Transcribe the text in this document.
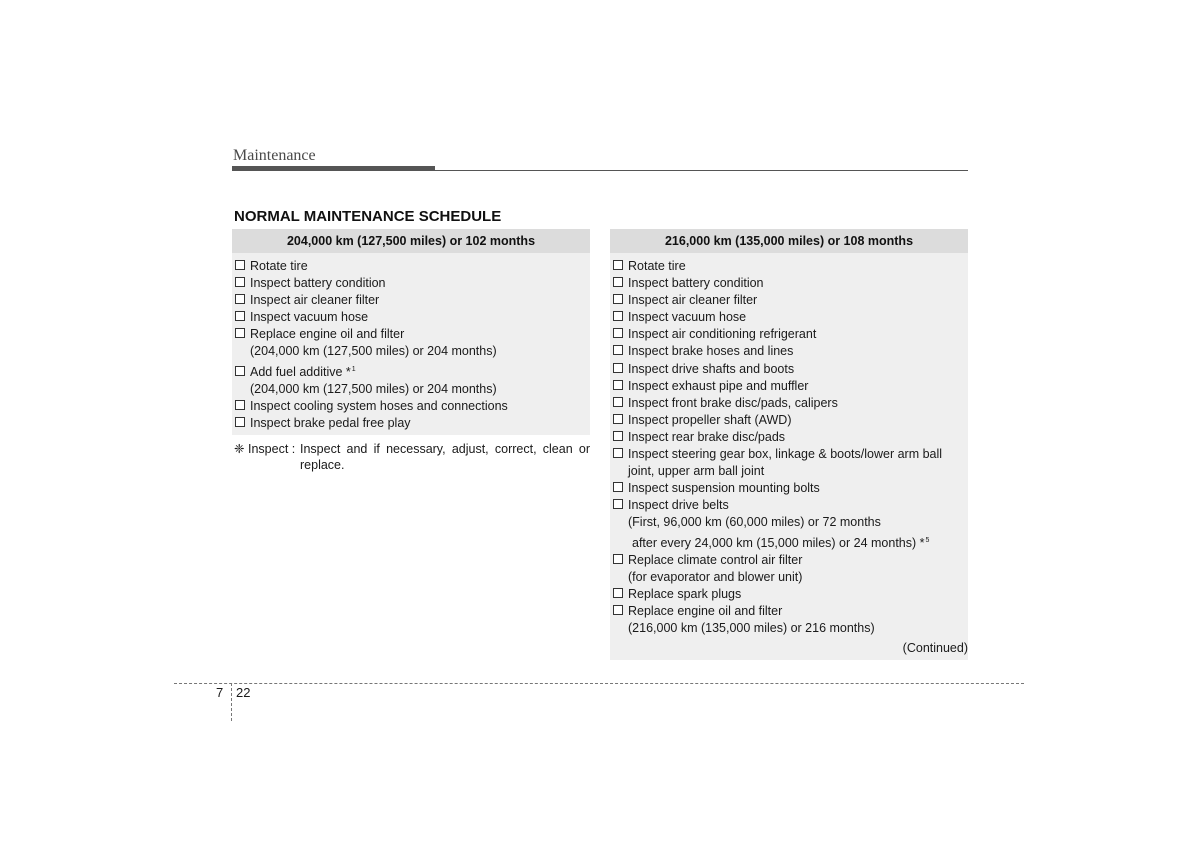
Maintenance
NORMAL MAINTENANCE SCHEDULE
204,000 km (127,500 miles) or 102 months
Rotate tire
Inspect battery condition
Inspect air cleaner filter
Inspect vacuum hose
Replace engine oil and filter
(204,000 km (127,500 miles) or 204 months)
Add fuel additive *$^1$
(204,000 km (127,500 miles) or 204 months)
Inspect cooling system hoses and connections
Inspect brake pedal free play
❈ Inspect : Inspect and if necessary, adjust, correct, clean or replace.
216,000 km (135,000 miles) or 108 months
Rotate tire
Inspect battery condition
Inspect air cleaner filter
Inspect vacuum hose
Inspect air conditioning refrigerant
Inspect brake hoses and lines
Inspect drive shafts and boots
Inspect exhaust pipe and muffler
Inspect front brake disc/pads, calipers
Inspect propeller shaft (AWD)
Inspect rear brake disc/pads
Inspect steering gear box, linkage & boots/lower arm ball
joint, upper arm ball joint
Inspect suspension mounting bolts
Inspect drive belts
(First, 96,000 km (60,000 miles) or 72 months
after every 24,000 km (15,000 miles) or 24 months) *$^5$
Replace climate control air filter
(for evaporator and blower unit)
Replace spark plugs
Replace engine oil and filter
(216,000 km (135,000 miles) or 216 months)
(Continued)
7 22
